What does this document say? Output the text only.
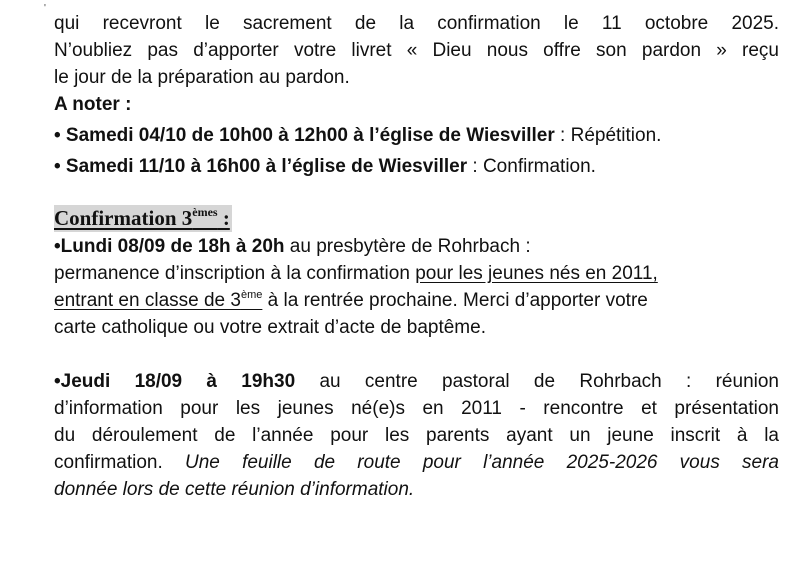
'

qui recevront le sacrement de la confirmation le 11 octobre 2025.

N’oubliez pas d’apporter votre livret « Dieu nous offre son pardon » reçu

le jour de la préparation au pardon.

A noter :

• Samedi 04/10 de 10h00 à 12h00 à l’église de Wiesviller : Répétition.

• Samedi 11/10 à 16h00 à l’église de Wiesviller : Confirmation.

Confirmation 3èmes :

•Lundi 08/09 de 18h à 20h au presbytère de Rohrbach :

permanence d’inscription à la confirmation pour les jeunes nés en 2011,

entrant en classe de 3ème à la rentrée prochaine. Merci d’apporter votre

carte catholique ou votre extrait d’acte de baptême.

•Jeudi 18/09 à 19h30 au centre pastoral de Rohrbach : réunion

d’information pour les jeunes né(e)s en 2011 - rencontre et présentation

du déroulement de l’année pour les parents ayant un jeune inscrit à la

confirmation. Une feuille de route pour l’année 2025-2026 vous sera

donnée lors de cette réunion d’information.
